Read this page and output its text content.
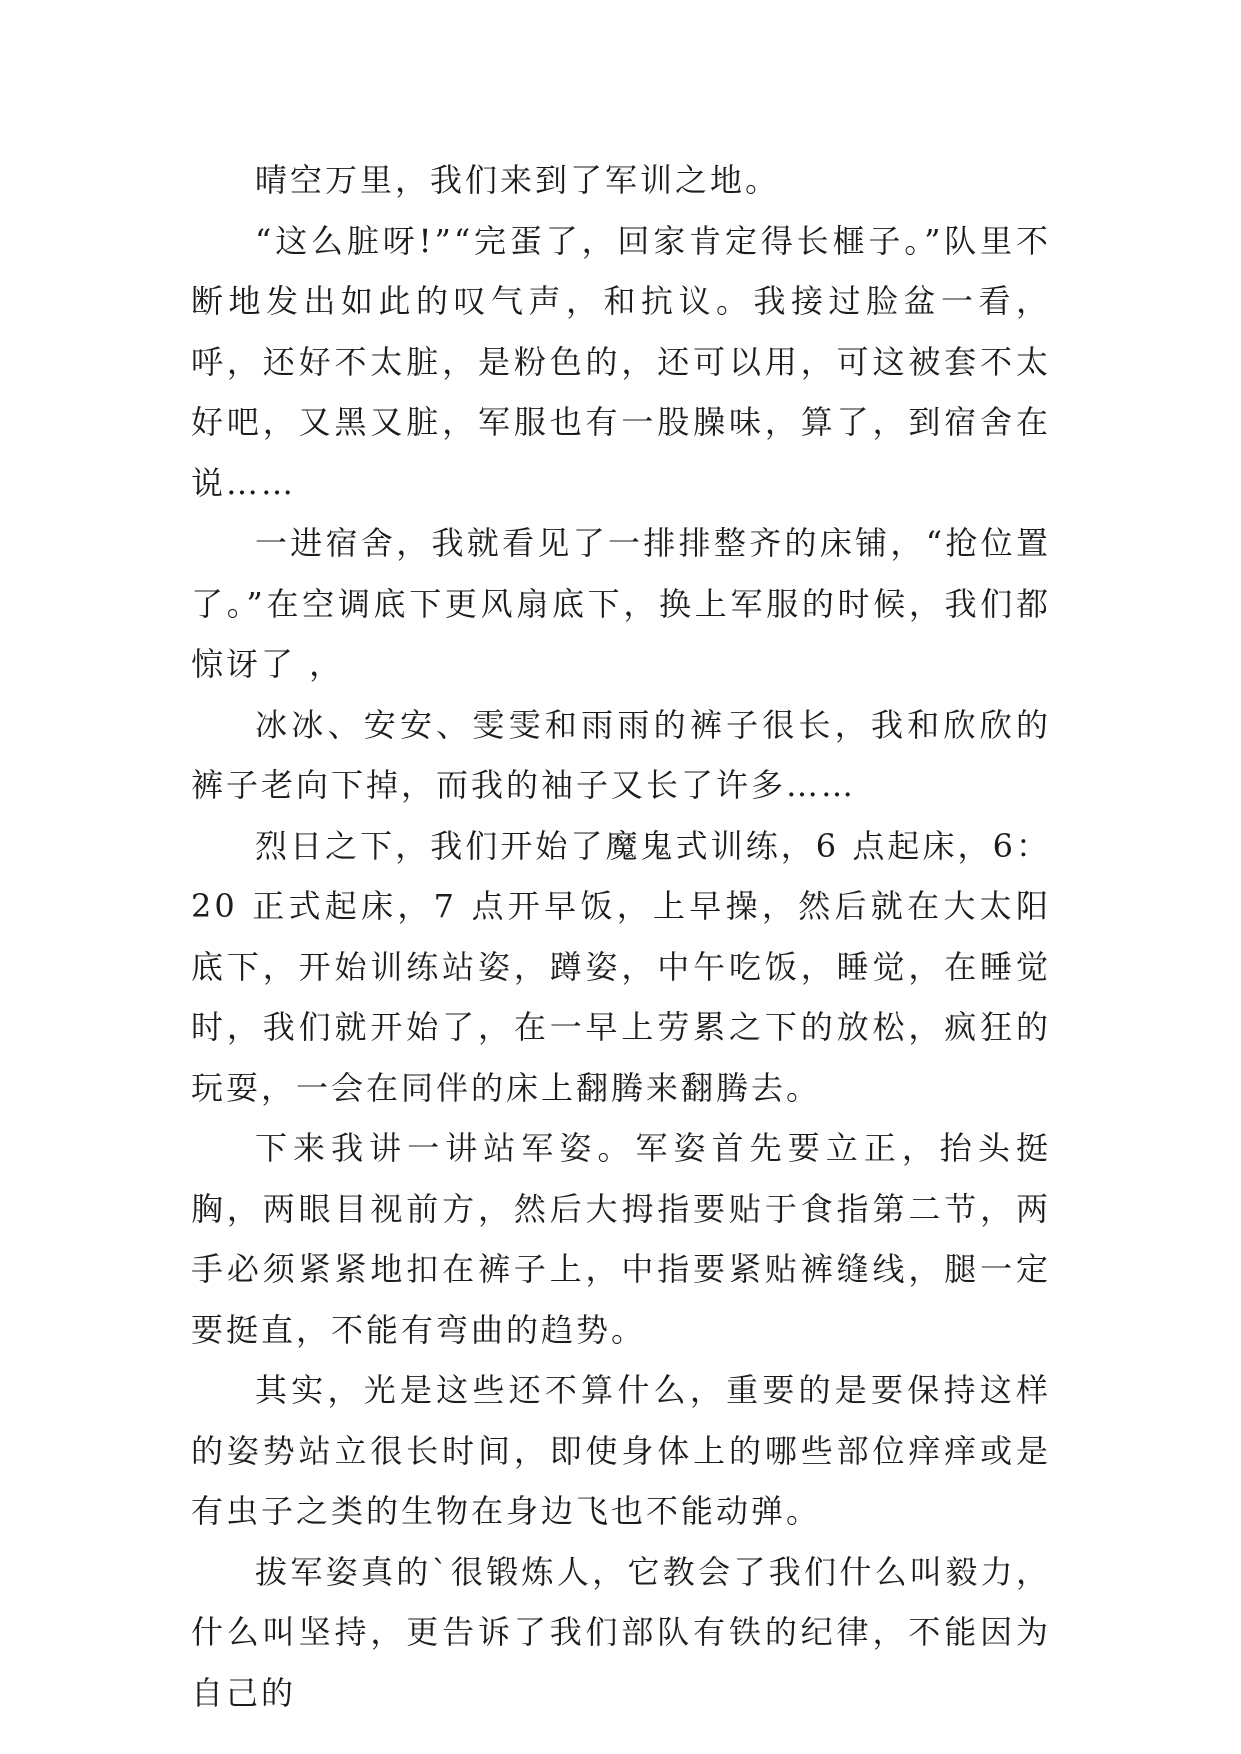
晴空万里，我们来到了军训之地。

“这么脏呀!”“完蛋了，回家肯定得长榧子。”队里不断地发出如此的叹气声，和抗议。我接过脸盆一看，呼，还好不太脏，是粉色的，还可以用，可这被套不太好吧，又黑又脏，军服也有一股臊味，算了，到宿舍在说……

一进宿舍，我就看见了一排排整齐的床铺，“抢位置了。”在空调底下更风扇底下，换上军服的时候，我们都惊讶了 ，

冰冰、安安、雯雯和雨雨的裤子很长，我和欣欣的裤子老向下掉，而我的袖子又长了许多……

烈日之下，我们开始了魔鬼式训练，6 点起床，6：20 正式起床，7 点开早饭，上早操，然后就在大太阳底下，开始训练站姿，蹲姿，中午吃饭，睡觉，在睡觉时，我们就开始了，在一早上劳累之下的放松，疯狂的玩耍，一会在同伴的床上翻腾来翻腾去。

下来我讲一讲站军姿。军姿首先要立正，抬头挺胸，两眼目视前方，然后大拇指要贴于食指第二节，两手必须紧紧地扣在裤子上，中指要紧贴裤缝线，腿一定要挺直，不能有弯曲的趋势。

其实，光是这些还不算什么，重要的是要保持这样的姿势站立很长时间，即使身体上的哪些部位痒痒或是有虫子之类的生物在身边飞也不能动弹。

拔军姿真的`很锻炼人，它教会了我们什么叫毅力，什么叫坚持，更告诉了我们部队有铁的纪律，不能因为自己的
